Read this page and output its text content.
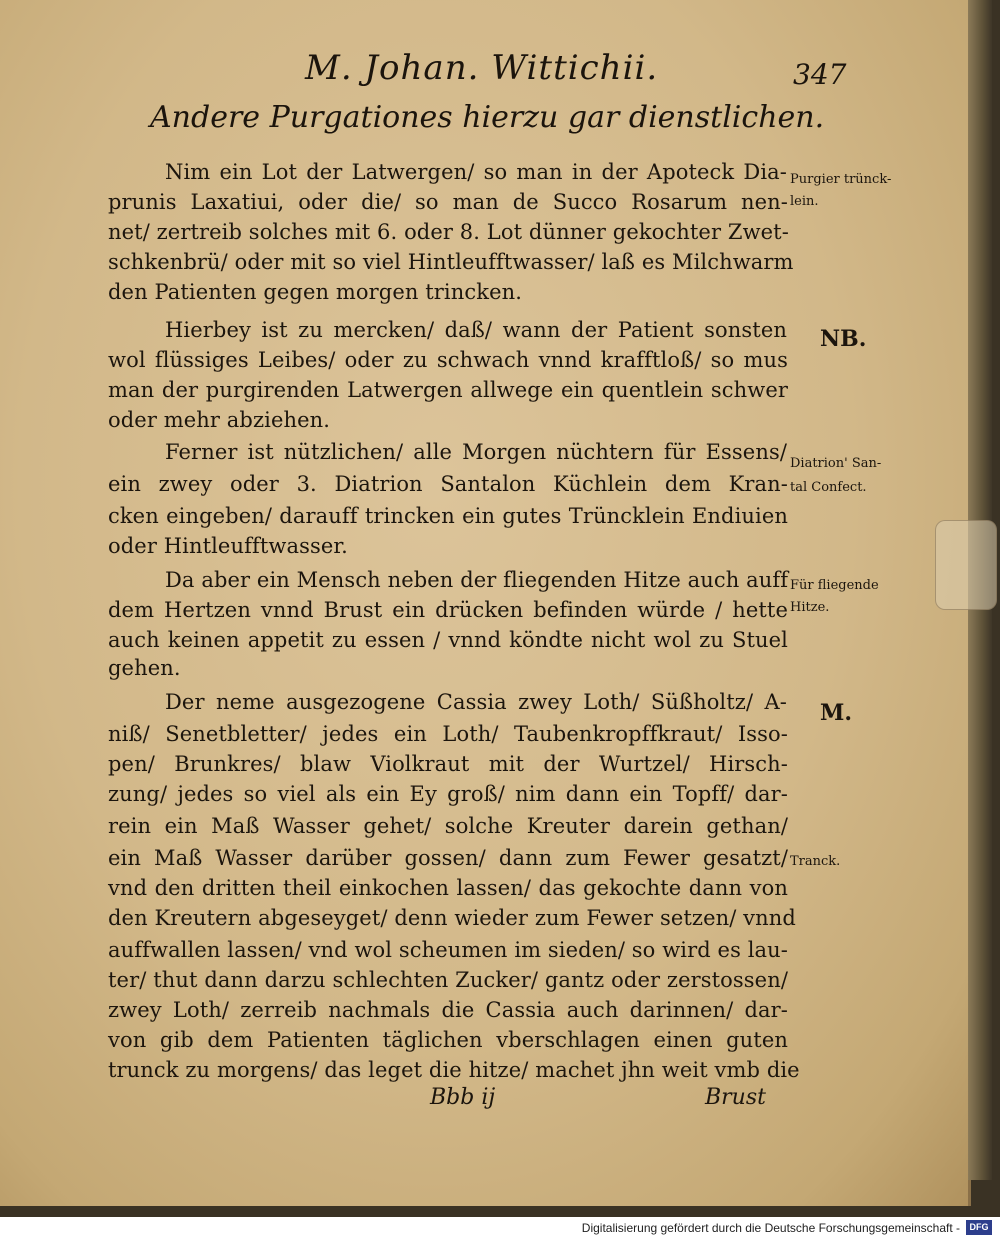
M. Johan. Wittichii.	347
Andere Purgationes hierzu gar dienstlichen.
Nim ein Lot der Latwergen/ so man in der Apoteck Dia-
prunis Laxatiui, oder die/ so man de Succo Rosarum nen-
net/ zertreib solches mit 6. oder 8. Lot dünner gekochter Zwet-
schkenbrü/ oder mit so viel Hintleufftwasser/ laß es Milchwarm
den Patienten gegen morgen trincken.
Hierbey ist zu mercken/ daß/ wann der Patient sonsten
wol flüssiges Leibes/ oder zu schwach vnnd krafftloß/ so mus
man der purgirenden Latwergen allwege ein quentlein schwer
oder mehr abziehen.
Ferner ist nützlichen/ alle Morgen nüchtern für Essens/
ein zwey oder 3. Diatrion Santalon Küchlein dem Kran-
cken eingeben/ darauff trincken ein gutes Trüncklein Endiuien
oder Hintleufftwasser.
Da aber ein Mensch neben der fliegenden Hitze auch auff
dem Hertzen vnnd Brust ein drücken befinden würde / hette
auch keinen appetit zu essen / vnnd köndte nicht wol zu Stuel
gehen.
Der neme ausgezogene Cassia zwey Loth/ Süßholtz/ A-
niß/ Senetbletter/ jedes ein Loth/ Taubenkropffkraut/ Isso-
pen/ Brunkres/ blaw Violkraut mit der Wurtzel/ Hirsch-
zung/ jedes so viel als ein Ey groß/ nim dann ein Topff/ dar-
rein ein Maß Wasser gehet/ solche Kreuter darein gethan/
ein Maß Wasser darüber gossen/ dann zum Fewer gesatzt/
vnd den dritten theil einkochen lassen/ das gekochte dann von
den Kreutern abgeseyget/ denn wieder zum Fewer setzen/ vnnd
auffwallen lassen/ vnd wol scheumen im sieden/ so wird es lau-
ter/ thut dann darzu schlechten Zucker/ gantz oder zerstossen/
zwey Loth/ zerreib nachmals die Cassia auch darinnen/ dar-
von gib dem Patienten täglichen vberschlagen einen guten
trunck zu morgens/ das leget die hitze/ machet jhn weit vmb die
Purgier trünck-
lein.
NB.
Diatrion' San-
tal Confect.
Für fliegende
Hitze.
M.
Tranck.
Bbb ij	Brust
Digitalisierung gefördert durch die Deutsche Forschungsgemeinschaft -	DFG
